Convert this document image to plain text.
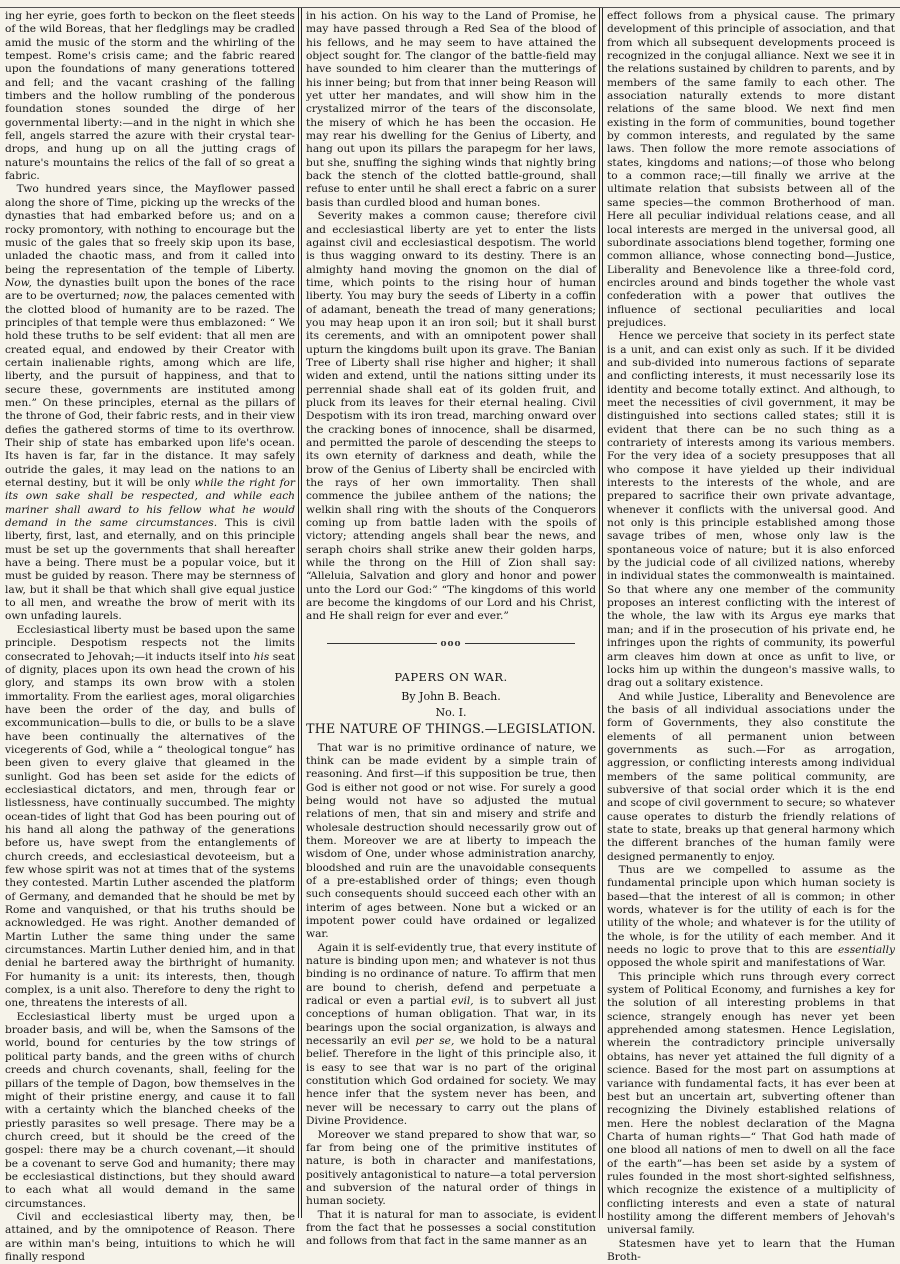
ing her eyrie, goes forth to beckon on the fleet steeds of the wild Boreas, that her fledglings may be cradled amid the music of the storm and the whirling of the tempest. Rome's crisis came; and the fabric reared upon the foundations of many generations tottered and fell; and the vacant crashing of the falling timbers and the hollow rumbling of the ponderous foundation stones sounded the dirge of her governmental liberty:—and in the night in which she fell, angels starred the azure with their crystal tear-drops, and hung up on all the jutting crags of nature's mountains the relics of the fall of so great a fabric.

Two hundred years since, the Mayflower passed along the shore of Time, picking up the wrecks of the dynasties that had embarked before us; and on a rocky promontory, with nothing to encourage but the music of the gales that so freely skip upon its base, unladed the chaotic mass, and from it called into being the representation of the temple of Liberty. Now, the dynasties built upon the bones of the race are to be overturned; now, the palaces cemented with the clotted blood of humanity are to be razed. The principles of that temple were thus emblazoned: “ We hold these truths to be self evident: that all men are created equal, and endowed by their Creator with certain inalienable rights, among which are life, liberty, and the pursuit of happiness, and that to secure these, governments are instituted among men.” On these principles, eternal as the pillars of the throne of God, their fabric rests, and in their view defies the gathered storms of time to its overthrow. Their ship of state has embarked upon life's ocean. Its haven is far, far in the distance. It may safely outride the gales, it may lead on the nations to an eternal destiny, but it will be only while the right for its own sake shall be respected, and while each mariner shall award to his fellow what he would demand in the same circumstances. This is civil liberty, first, last, and eternally, and on this principle must be set up the governments that shall hereafter have a being. There must be a popular voice, but it must be guided by reason. There may be sternness of law, but it shall be that which shall give equal justice to all men, and wreathe the brow of merit with its own unfading laurels.

Ecclesiastical liberty must be based upon the same principle. Despotism respects not the limits consecrated to Jehovah;—it inducts itself into his seat of dignity, places upon its own head the crown of his glory, and stamps its own brow with a stolen immortality. From the earliest ages, moral oligarchies have been the order of the day, and bulls of excommunication—bulls to die, or bulls to be a slave have been continually the alternatives of the vicegerents of God, while a “ theological tongue” has been given to every glaive that gleamed in the sunlight. God has been set aside for the edicts of ecclesiastical dictators, and men, through fear or listlessness, have continually succumbed. The mighty ocean-tides of light that God has been pouring out of his hand all along the pathway of the generations before us, have swept from the entanglements of church creeds, and ecclesiastical devoteeism, but a few whose spirit was not at times that of the systems they contested. Martin Luther ascended the platform of Germany, and demanded that he should be met by Rome and vanquished, or that his truths should be acknowledged. He was right. Another demanded of Martin Luther the same thing under the same circumstances. Martin Luther denied him, and in that denial he bartered away the birthright of humanity. For humanity is a unit: its interests, then, though complex, is a unit also. Therefore to deny the right to one, threatens the interests of all.

Ecclesiastical liberty must be urged upon a broader basis, and will be, when the Samsons of the world, bound for centuries by the tow strings of political party bands, and the green withs of church creeds and church covenants, shall, feeling for the pillars of the temple of Dagon, bow themselves in the might of their pristine energy, and cause it to fall with a certainty which the blanched cheeks of the priestly parasites so well presage. There may be a church creed, but it should be the creed of the gospel: there may be a church covenant,—it should be a covenant to serve God and humanity; there may be ecclesiastical distinctions, but they should award to each what all would demand in the same circumstances.

Civil and ecclesiastical liberty may, then, be attained, and by the omnipotence of Reason. There are within man's being, intuitions to which he will finally respond

in his action. On his way to the Land of Promise, he may have passed through a Red Sea of the blood of his fellows, and he may seem to have attained the object sought for. The clangor of the battle-field may have sounded to him clearer than the mutterings of his inner being; but from that inner being Reason will yet utter her mandates, and will show him in the crystalized mirror of the tears of the disconsolate, the misery of which he has been the occasion. He may rear his dwelling for the Genius of Liberty, and hang out upon its pillars the parapegm for her laws, but she, snuffing the sighing winds that nightly bring back the stench of the clotted battle-ground, shall refuse to enter until he shall erect a fabric on a surer basis than curdled blood and human bones.

Severity makes a common cause; therefore civil and ecclesiastical liberty are yet to enter the lists against civil and ecclesiastical despotism. The world is thus wagging onward to its destiny. There is an almighty hand moving the gnomon on the dial of time, which points to the rising hour of human liberty. You may bury the seeds of Liberty in a coffin of adamant, beneath the tread of many generations; you may heap upon it an iron soil; but it shall burst its cerements, and with an omnipotent power shall upturn the kingdoms built upon its grave. The Banian Tree of Liberty shall rise higher and higher; it shall widen and extend, until the nations sitting under its perrennial shade shall eat of its golden fruit, and pluck from its leaves for their eternal healing. Civil Despotism with its iron tread, marching onward over the cracking bones of innocence, shall be disarmed, and permitted the parole of descending the steeps to its own eternity of darkness and death, while the brow of the Genius of Liberty shall be encircled with the rays of her own immortality. Then shall commence the jubilee anthem of the nations; the welkin shall ring with the shouts of the Conquerors coming up from battle laden with the spoils of victory; attending angels shall bear the news, and seraph choirs shall strike anew their golden harps, while the throng on the Hill of Zion shall say: “Alleluia, Salvation and glory and honor and power unto the Lord our God:” “The kingdoms of this world are become the kingdoms of our Lord and his Christ, and He shall reign for ever and ever.”

ooo
PAPERS ON WAR.
By John B. Beach.
No. I.
THE NATURE OF THINGS.—LEGISLATION.

That war is no primitive ordinance of nature, we think can be made evident by a simple train of reasoning. And first—if this supposition be true, then God is either not good or not wise. For surely a good being would not have so adjusted the mutual relations of men, that sin and misery and strife and wholesale destruction should necessarily grow out of them. Moreover we are at liberty to impeach the wisdom of One, under whose administration anarchy, bloodshed and ruin are the unavoidable consequents of a pre-established order of things; even though such consequents should succeed each other with an interim of ages between. None but a wicked or an impotent power could have ordained or legalized war.

Again it is self-evidently true, that every institute of nature is binding upon men; and whatever is not thus binding is no ordinance of nature. To affirm that men are bound to cherish, defend and perpetuate a radical or even a partial evil, is to subvert all just conceptions of human obligation. That war, in its bearings upon the social organization, is always and necessarily an evil per se, we hold to be a natural belief. Therefore in the light of this principle also, it is easy to see that war is no part of the original constitution which God ordained for society. We may hence infer that the system never has been, and never will be necessary to carry out the plans of Divine Providence.

Moreover we stand prepared to show that war, so far from being one of the primitive institutes of nature, is both in character and manifestations, positively antagonistical to nature—a total perversion and subversion of the natural order of things in human society.

That it is natural for man to associate, is evident from the fact that he possesses a social constitution and follows from that fact in the same manner as an

effect follows from a physical cause. The primary development of this principle of association, and that from which all subsequent developments proceed is recognized in the conjugal alliance. Next we see it in the relations sustained by children to parents, and by members of the same family to each other. The association naturally extends to more distant relations of the same blood. We next find men existing in the form of communities, bound together by common interests, and regulated by the same laws. Then follow the more remote associations of states, kingdoms and nations;—of those who belong to a common race;—till finally we arrive at the ultimate relation that subsists between all of the same species—the common Brotherhood of man. Here all peculiar individual relations cease, and all local interests are merged in the universal good, all subordinate associations blend together, forming one common alliance, whose connecting bond—Justice, Liberality and Benevolence like a three-fold cord, encircles around and binds together the whole vast confederation with a power that outlives the influence of sectional peculiarities and local prejudices.

Hence we perceive that society in its perfect state is a unit, and can exist only as such. If it be divided and sub-divided into numerous factions of separate and conflicting interests, it must necessarily lose its identity and become totally extinct. And although, to meet the necessities of civil government, it may be distinguished into sections called states; still it is evident that there can be no such thing as a contrariety of interests among its various members. For the very idea of a society presupposes that all who compose it have yielded up their individual interests to the interests of the whole, and are prepared to sacrifice their own private advantage, whenever it conflicts with the universal good. And not only is this principle established among those savage tribes of men, whose only law is the spontaneous voice of nature; but it is also enforced by the judicial code of all civilized nations, whereby in individual states the commonwealth is maintained. So that where any one member of the community proposes an interest conflicting with the interest of the whole, the law with its Argus eye marks that man; and if in the prosecution of his private end, he infringes upon the rights of community, its powerful arm cleaves him down at once as unfit to live, or locks him up within the dungeon's massive walls, to drag out a solitary existence.

And while Justice, Liberality and Benevolence are the basis of all individual associations under the form of Governments, they also constitute the elements of all permanent union between governments as such.—For as arrogation, aggression, or conflicting interests among individual members of the same political community, are subversive of that social order which it is the end and scope of civil government to secure; so whatever cause operates to disturb the friendly relations of state to state, breaks up that general harmony which the different branches of the human family were designed permanently to enjoy.

Thus are we compelled to assume as the fundamental principle upon which human society is based—that the interest of all is common; in other words, whatever is for the utility of each is for the utility of the whole; and whatever is for the utility of the whole, is for the utility of each member. And it needs no logic to prove that to this are essentially opposed the whole spirit and manifestations of War.

This principle which runs through every correct system of Political Economy, and furnishes a key for the solution of all interesting problems in that science, strangely enough has never yet been apprehended among statesmen. Hence Legislation, wherein the contradictory principle universally obtains, has never yet attained the full dignity of a science. Based for the most part on assumptions at variance with fundamental facts, it has ever been at best but an uncertain art, subverting oftener than recognizing the Divinely established relations of men. Here the noblest declaration of the Magna Charta of human rights—“ That God hath made of one blood all nations of men to dwell on all the face of the earth”—has been set aside by a system of rules founded in the most short-sighted selfishness, which recognize the existence of a multiplicity of conflicting interests and even a state of natural hostility among the different members of Jehovah's universal family.

Statesmen have yet to learn that the Human Broth-
